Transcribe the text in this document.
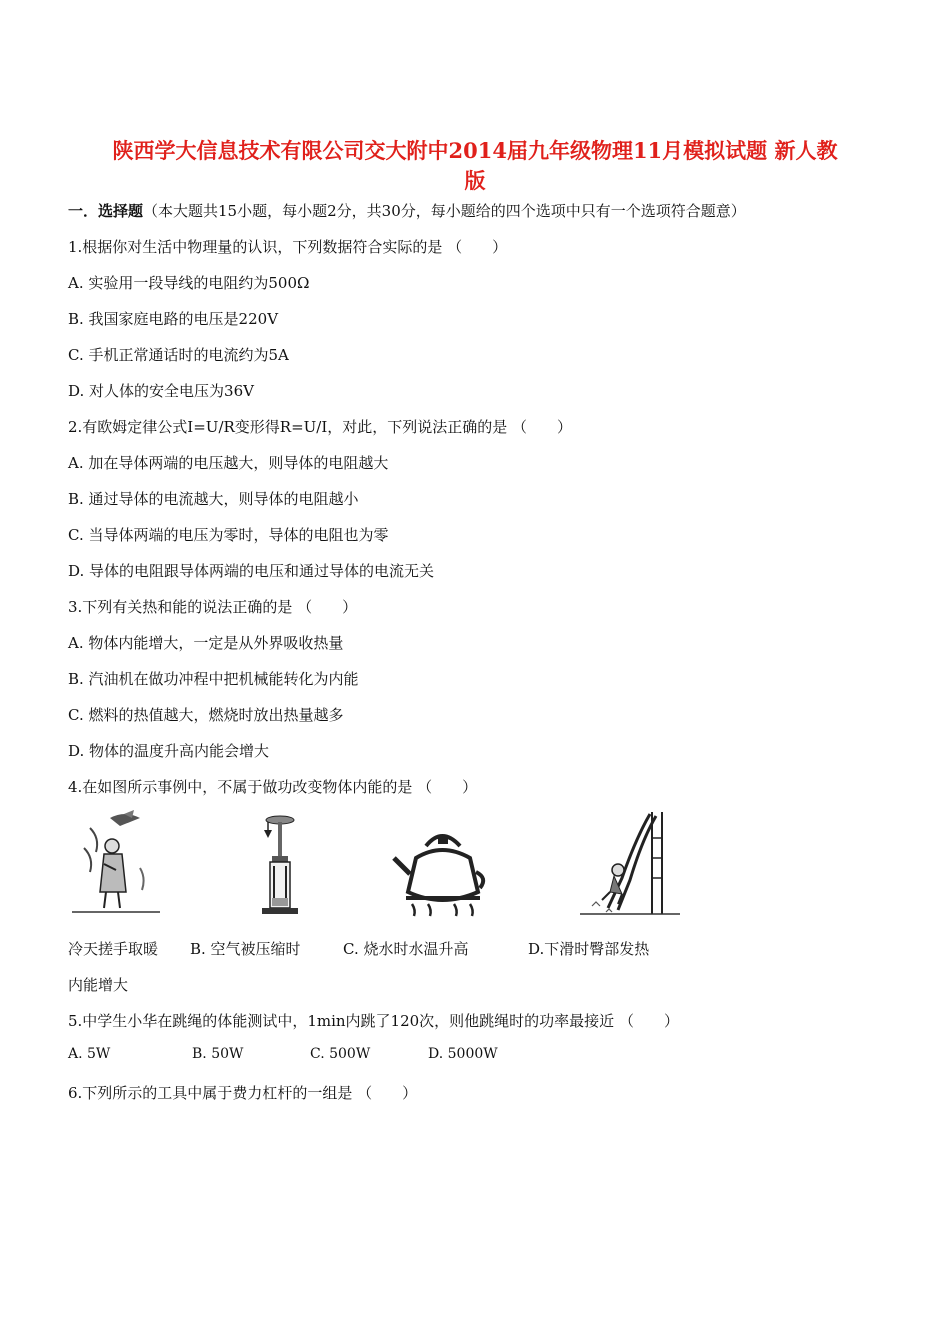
陕西学大信息技术有限公司交大附中2014届九年级物理11月模拟试题 新人教
版
一．选择题（本大题共15小题，每小题2分，共30分，每小题给的四个选项中只有一个选项符合题意）
1.根据你对生活中物理量的认识，下列数据符合实际的是 （　　）
A. 实验用一段导线的电阻约为500Ω
B. 我国家庭电路的电压是220V
C. 手机正常通话时的电流约为5A
D. 对人体的安全电压为36V
2.有欧姆定律公式I=U/R变形得R=U/I，对此，下列说法正确的是 （　　）
A. 加在导体两端的电压越大，则导体的电阻越大
B. 通过导体的电流越大，则导体的电阻越小
C. 当导体两端的电压为零时，导体的电阻也为零
D. 导体的电阻跟导体两端的电压和通过导体的电流无关
3.下列有关热和能的说法正确的是 （　　）
A. 物体内能增大，一定是从外界吸收热量
B. 汽油机在做功冲程中把机械能转化为内能
C. 燃料的热值越大，燃烧时放出热量越多
D. 物体的温度升高内能会增大
4.在如图所示事例中，不属于做功改变物体内能的是 （　　）
冷天搓手取暖 B. 空气被压缩时	C. 烧水时水温升高	D.下滑时臀部发热
内能增大
5.中学生小华在跳绳的体能测试中，1min内跳了120次，则他跳绳时的功率最接近 （　　）
A. 5W	B. 50W	C. 500W	D. 5000W
6.下列所示的工具中属于费力杠杆的一组是 （　　）
